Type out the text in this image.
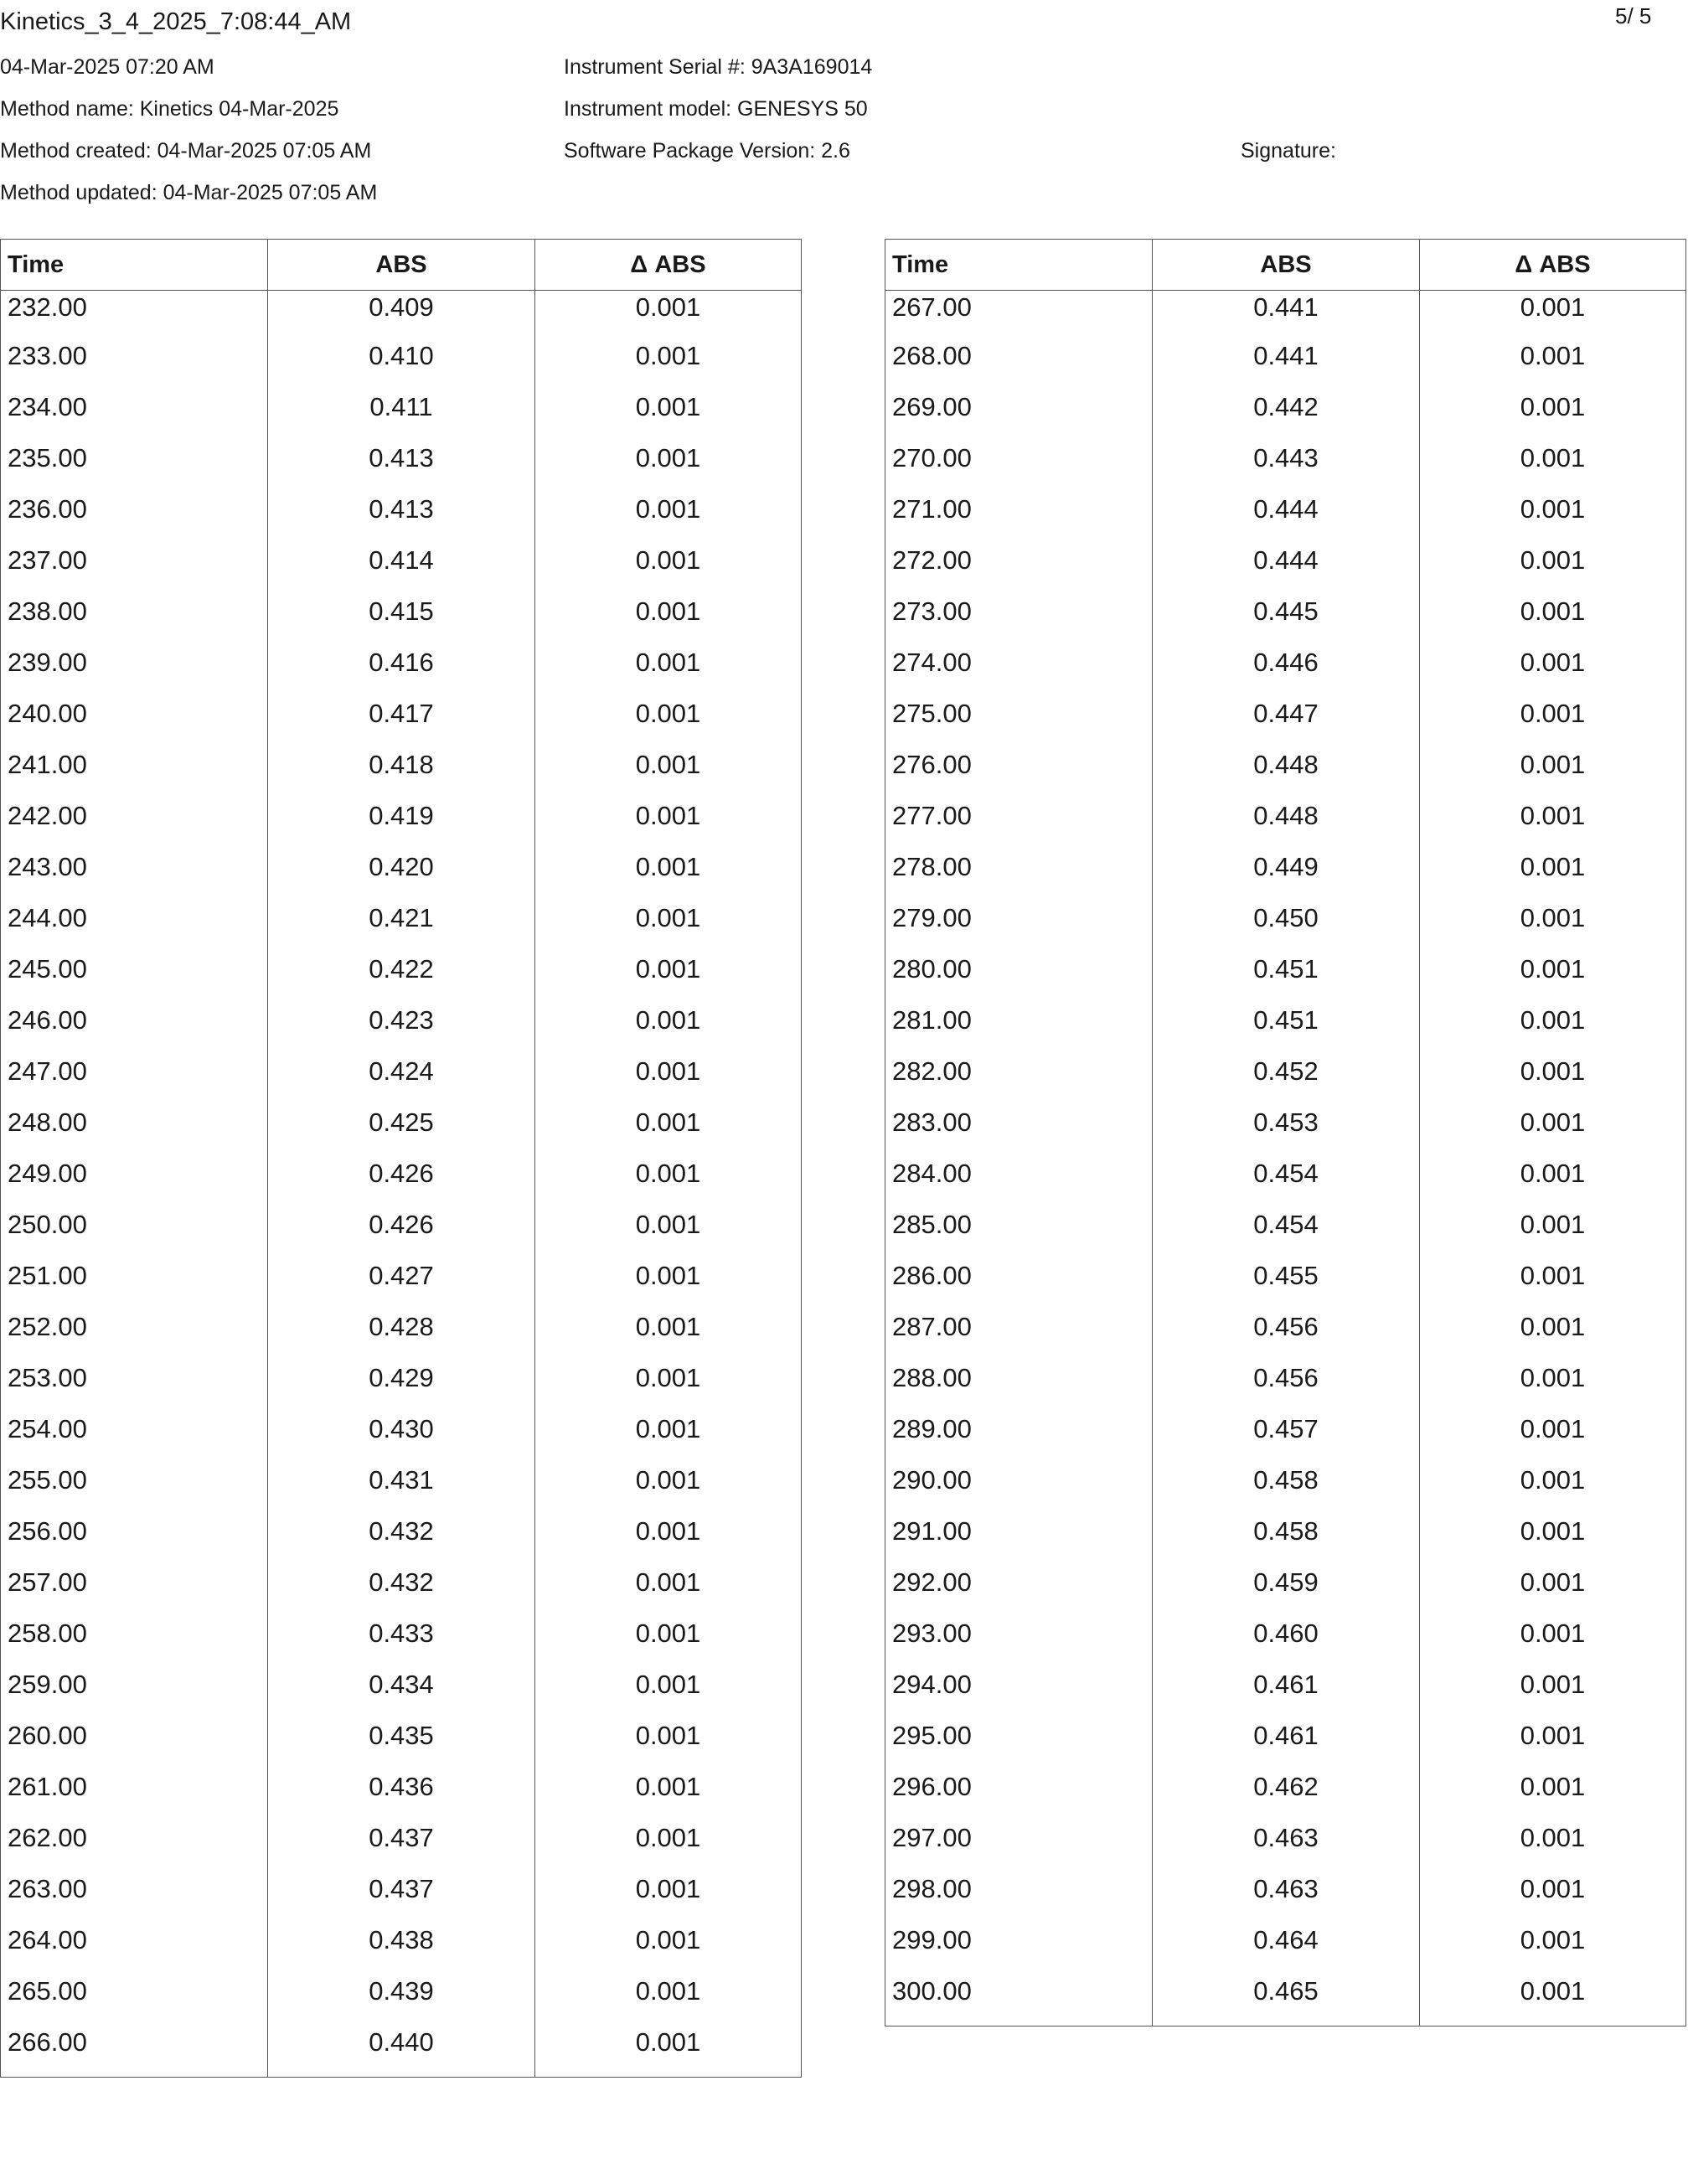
Kinetics_3_4_2025_7:08:44_AM	5/ 5
04-Mar-2025 07:20 AM
Method name: Kinetics 04-Mar-2025
Method created: 04-Mar-2025 07:05 AM
Method updated: 04-Mar-2025 07:05 AM
Instrument Serial #: 9A3A169014
Instrument model: GENESYS 50
Software Package Version: 2.6	Signature:
Time	ABS	Δ ABS
232.00	0.409	0.001
233.00	0.410	0.001
234.00	0.411	0.001
235.00	0.413	0.001
236.00	0.413	0.001
237.00	0.414	0.001
238.00	0.415	0.001
239.00	0.416	0.001
240.00	0.417	0.001
241.00	0.418	0.001
242.00	0.419	0.001
243.00	0.420	0.001
244.00	0.421	0.001
245.00	0.422	0.001
246.00	0.423	0.001
247.00	0.424	0.001
248.00	0.425	0.001
249.00	0.426	0.001
250.00	0.426	0.001
251.00	0.427	0.001
252.00	0.428	0.001
253.00	0.429	0.001
254.00	0.430	0.001
255.00	0.431	0.001
256.00	0.432	0.001
257.00	0.432	0.001
258.00	0.433	0.001
259.00	0.434	0.001
260.00	0.435	0.001
261.00	0.436	0.001
262.00	0.437	0.001
263.00	0.437	0.001
264.00	0.438	0.001
265.00	0.439	0.001
266.00	0.440	0.001
Time	ABS	Δ ABS
267.00	0.441	0.001
268.00	0.441	0.001
269.00	0.442	0.001
270.00	0.443	0.001
271.00	0.444	0.001
272.00	0.444	0.001
273.00	0.445	0.001
274.00	0.446	0.001
275.00	0.447	0.001
276.00	0.448	0.001
277.00	0.448	0.001
278.00	0.449	0.001
279.00	0.450	0.001
280.00	0.451	0.001
281.00	0.451	0.001
282.00	0.452	0.001
283.00	0.453	0.001
284.00	0.454	0.001
285.00	0.454	0.001
286.00	0.455	0.001
287.00	0.456	0.001
288.00	0.456	0.001
289.00	0.457	0.001
290.00	0.458	0.001
291.00	0.458	0.001
292.00	0.459	0.001
293.00	0.460	0.001
294.00	0.461	0.001
295.00	0.461	0.001
296.00	0.462	0.001
297.00	0.463	0.001
298.00	0.463	0.001
299.00	0.464	0.001
300.00	0.465	0.001
